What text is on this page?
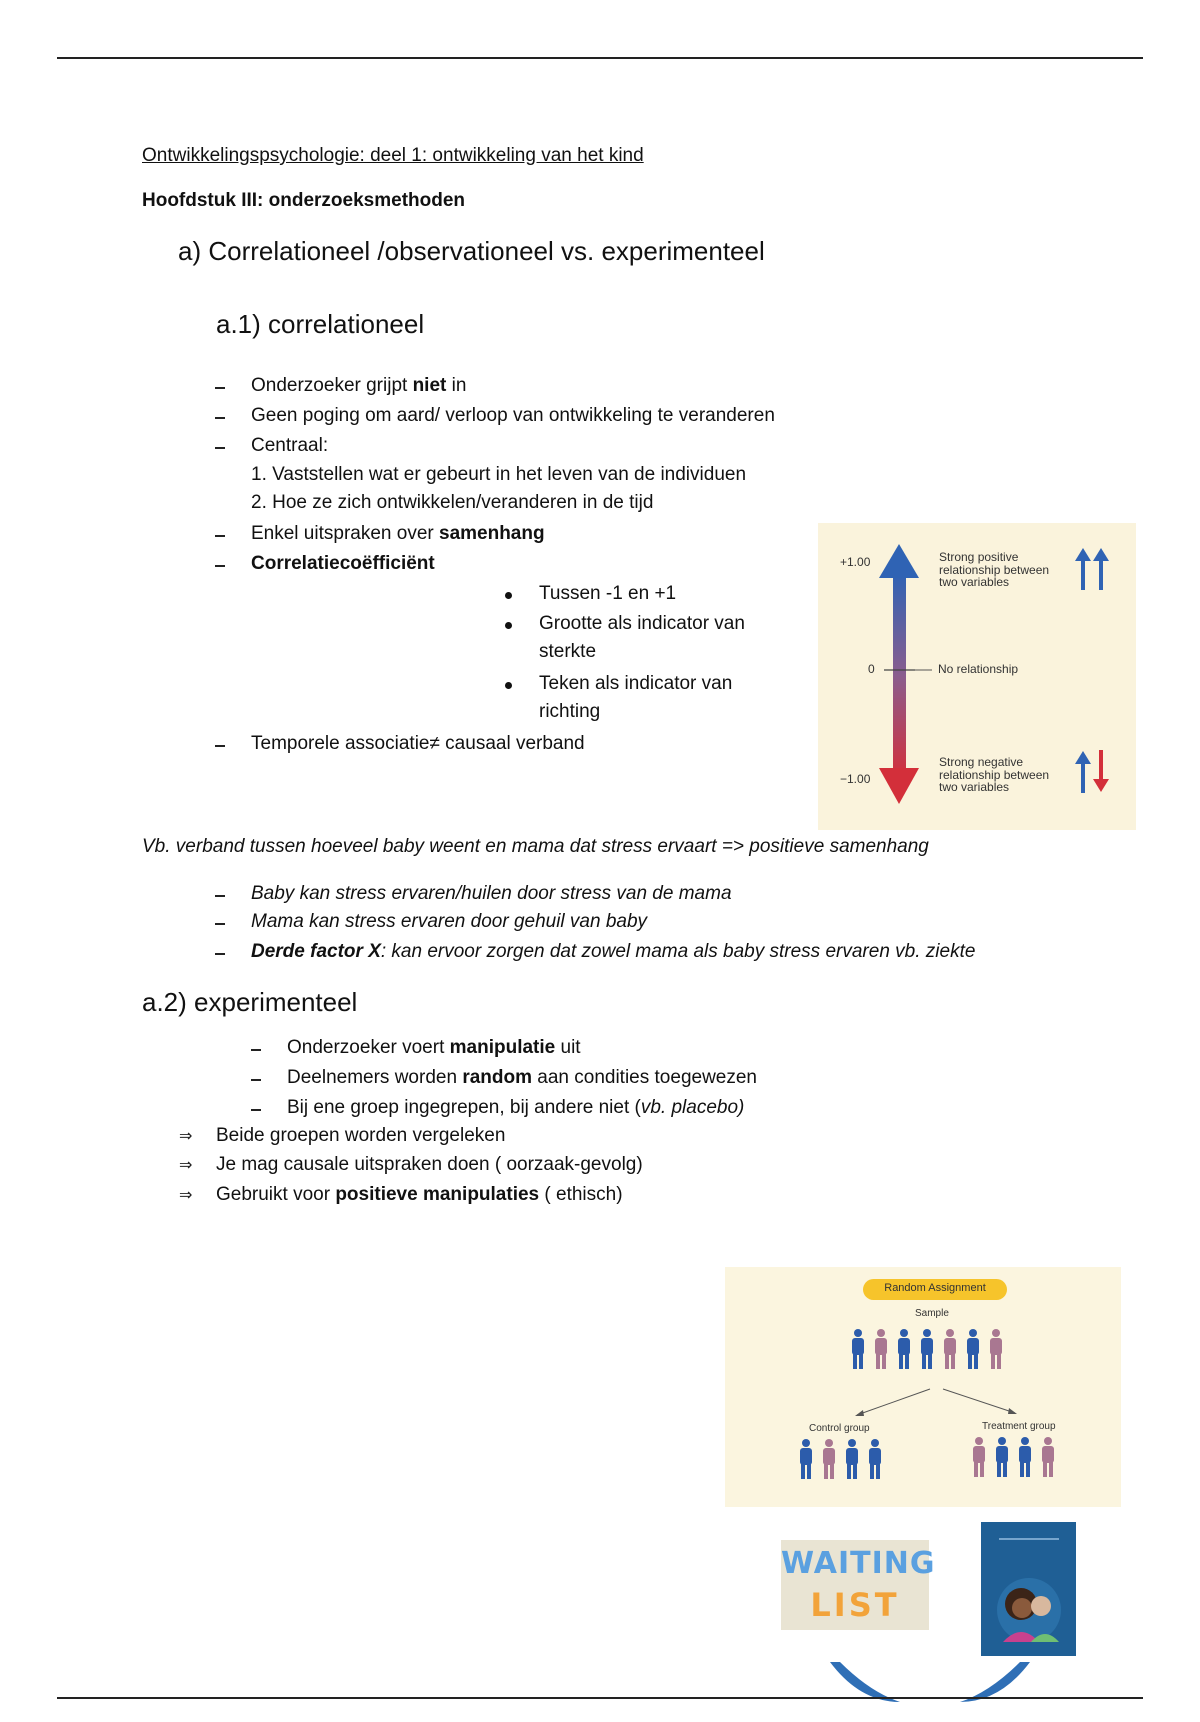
Ontwikkelingspsychologie: deel 1: ontwikkeling van het kind
Hoofdstuk III: onderzoeksmethoden
a) Correlationeel /observationeel vs. experimenteel
a.1) correlationeel
Onderzoeker grijpt niet in
Geen poging om aard/ verloop van ontwikkeling te veranderen
Centraal:
1. Vaststellen wat er gebeurt in het leven van de individuen
2. Hoe ze zich ontwikkelen/veranderen in de tijd
Enkel uitspraken over samenhang
Correlatiecoëfficiënt
Tussen -1 en +1
Grootte als indicator van
sterkte
Teken als indicator van
richting
Temporele associatie≠ causaal verband
+1.00
0
−1.00
Strong positive relationship between two variables
No relationship
Strong negative relationship between two variables
Vb. verband tussen hoeveel baby weent en mama dat stress ervaart => positieve samenhang
Baby kan stress ervaren/huilen door stress van de mama
Mama kan stress ervaren door gehuil van baby
Derde factor X: kan ervoor zorgen dat zowel mama als baby stress ervaren vb. ziekte
a.2) experimenteel
Onderzoeker voert manipulatie uit
Deelnemers worden random aan condities toegewezen
Bij ene groep ingegrepen, bij andere niet (vb. placebo)
⇒ Beide groepen worden vergeleken
⇒ Je mag causale uitspraken doen ( oorzaak-gevolg)
⇒ Gebruikt voor positieve manipulaties ( ethisch)
Random Assignment
Sample
Control group	Treatment group
WAITING
LIST
